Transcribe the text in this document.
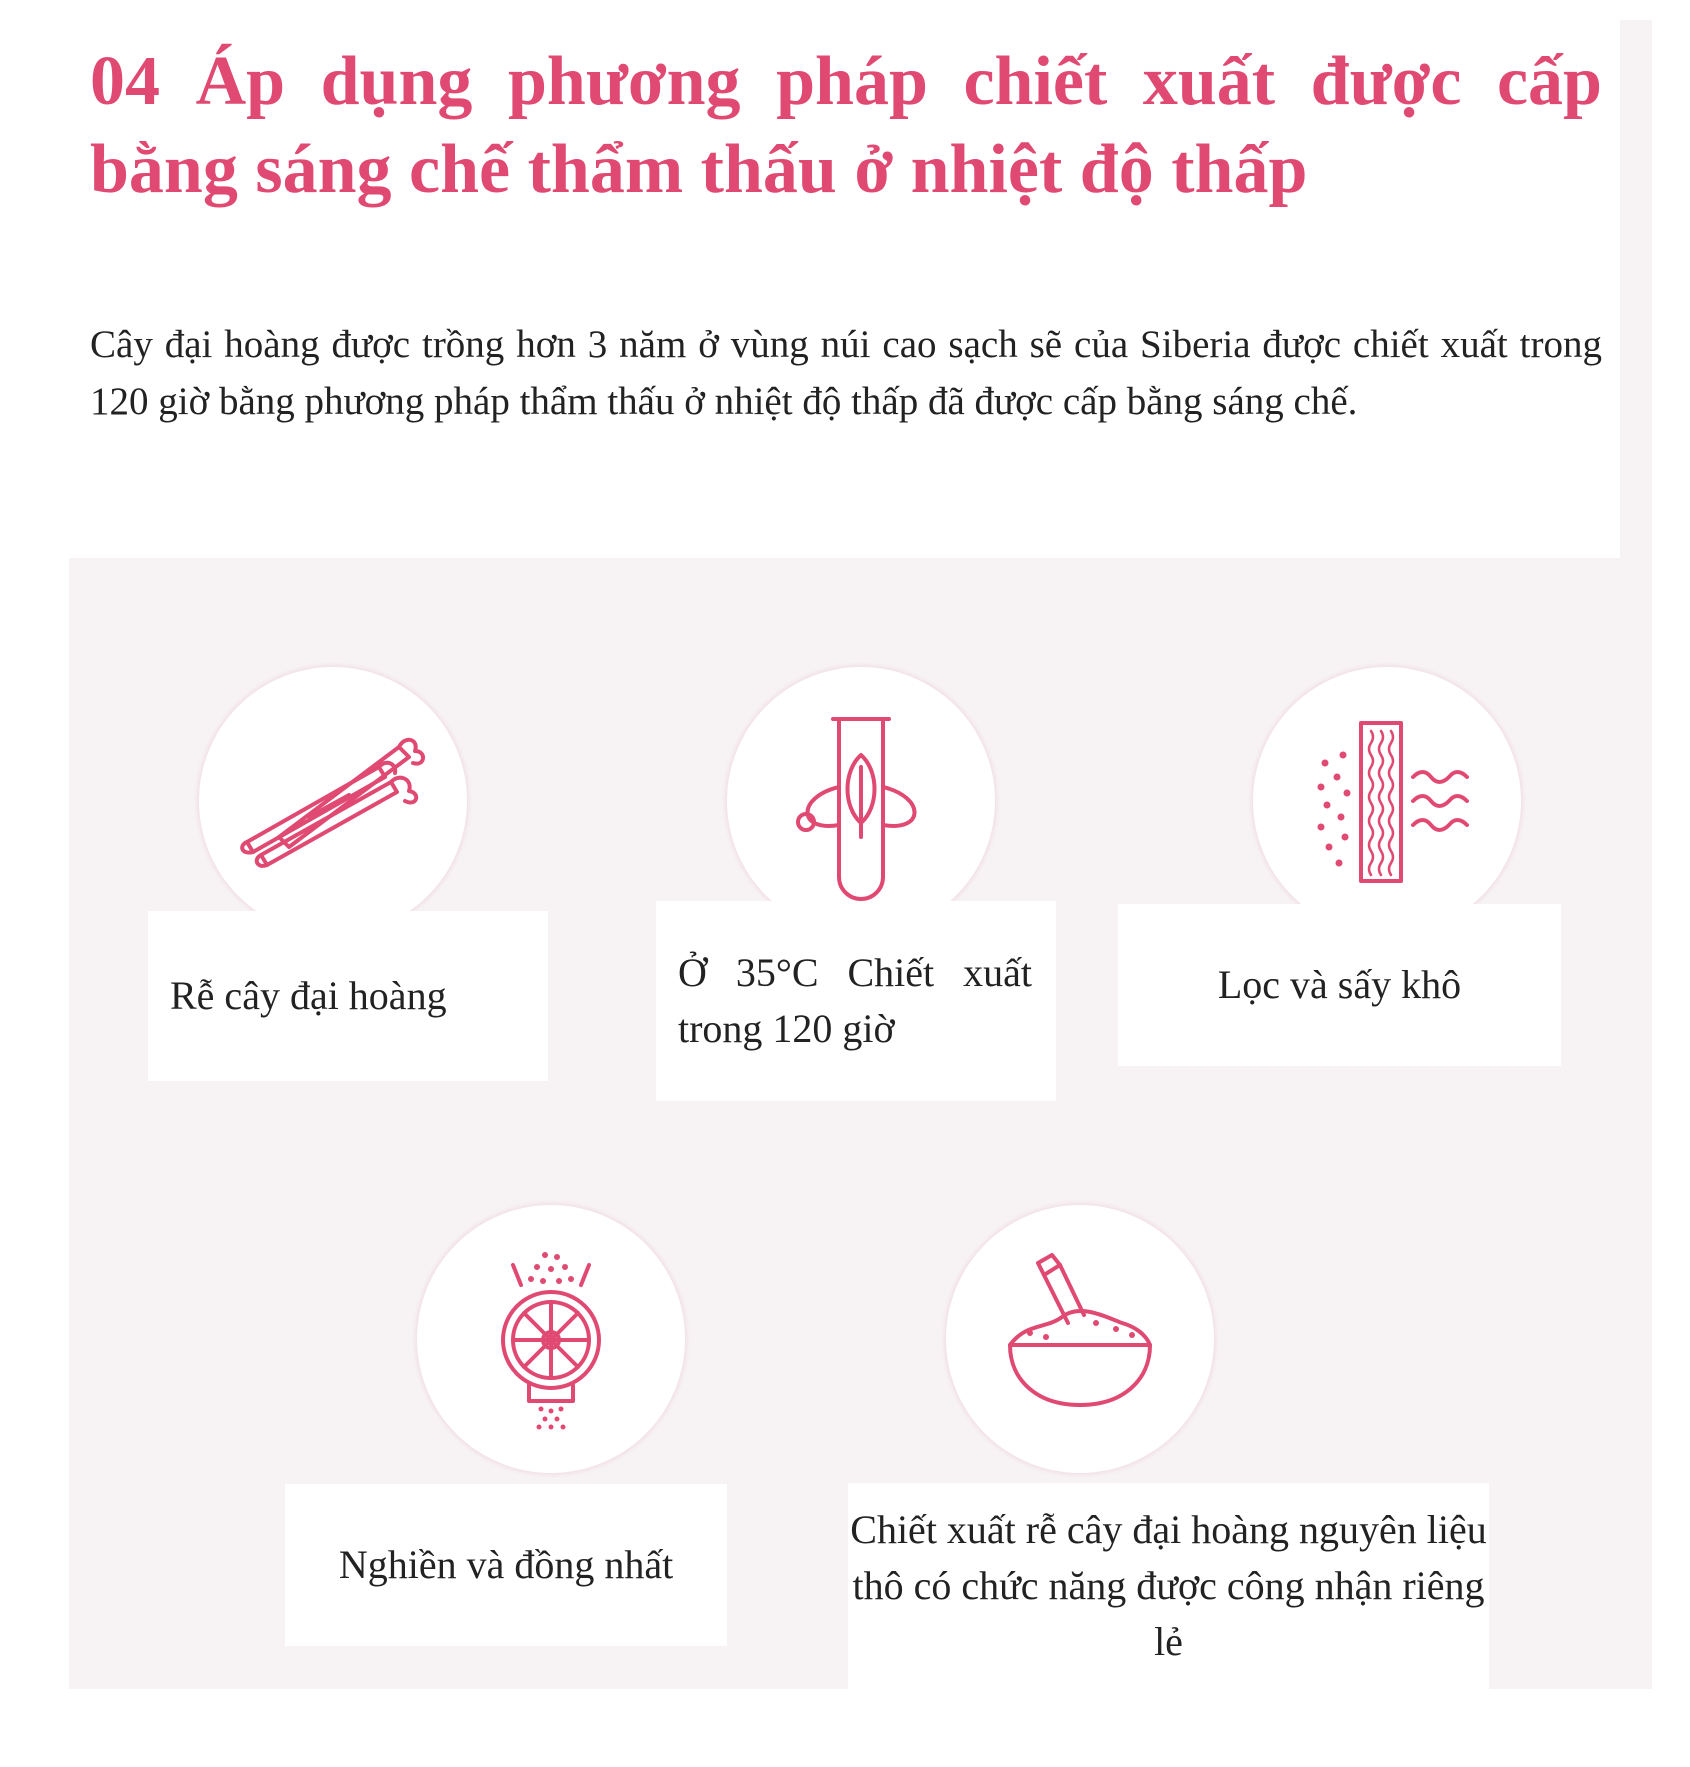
04 Áp dụng phương pháp chiết xuất được cấp bằng sáng chế thẩm thấu ở nhiệt độ thấp

Cây đại hoàng được trồng hơn 3 năm ở vùng núi cao sạch sẽ của Siberia được chiết xuất trong 120 giờ bằng phương pháp thẩm thấu ở nhiệt độ thấp đã được cấp bằng sáng chế.

Rễ cây đại hoàng
Ở 35°C Chiết xuất trong 120 giờ
Lọc và sấy khô
Nghiền và đồng nhất
Chiết xuất rễ cây đại hoàng nguyên liệu thô có chức năng được công nhận riêng lẻ
